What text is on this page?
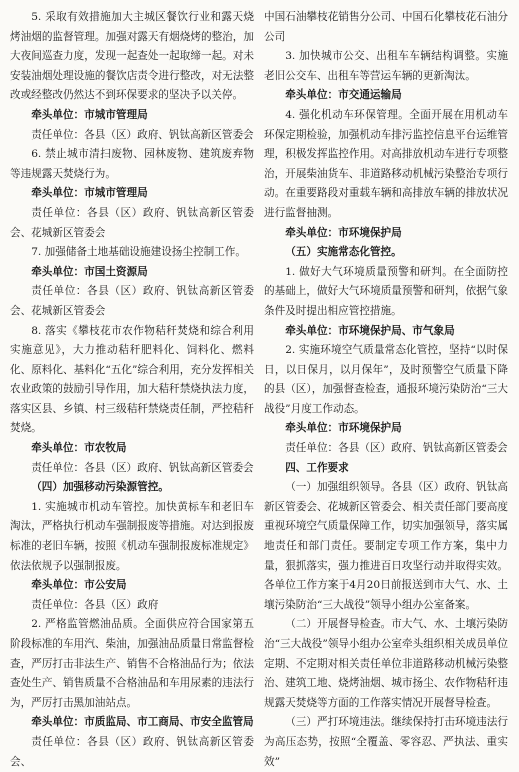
5. 采取有效措施加大主城区餐饮行业和露天烧烤油烟的监督管理。加强对露天有烟烧烤的整治，加大夜间巡查力度，发现一起查处一起取缔一起。对未安装油烟处理设施的餐饮店责令进行整改，对无法整改或经整改仍然达不到环保要求的坚决予以关停。

牵头单位：市城市管理局

责任单位：各县（区）政府、钒钛高新区管委会

6. 禁止城市清扫废物、园林废物、建筑废弃物等违规露天焚烧行为。

牵头单位：市城市管理局

责任单位：各县（区）政府、钒钛高新区管委会、花城新区管委会

7. 加强储备土地基础设施建设扬尘控制工作。

牵头单位：市国土资源局

责任单位：各县（区）政府、钒钛高新区管委会、花城新区管委会

8. 落实《攀枝花市农作物秸秆焚烧和综合利用实施意见》，大力推动秸秆肥料化、饲料化、燃料化、原料化、基料化“五化”综合利用，充分发挥相关农业政策的鼓励引导作用，加大秸秆禁烧执法力度，落实区县、乡镇、村三级秸秆禁烧责任制，严控秸秆焚烧。

牵头单位：市农牧局

责任单位：各县（区）政府、钒钛高新区管委会

（四）加强移动污染源管控。

1. 实施城市机动车管控。加快黄标车和老旧车淘汰，严格执行机动车强制报废等措施。对达到报废标准的老旧车辆，按照《机动车强制报废标准规定》依法依规予以强制报废。

牵头单位：市公安局

责任单位：各县（区）政府

2. 严格监管燃油品质。全面供应符合国家第五阶段标准的车用汽、柴油，加强油品质量日常监督检查，严厉打击非法生产、销售不合格油品行为；依法查处生产、销售质量不合格油品和车用尿素的违法行为，严厉打击黑加油站点。

牵头单位：市质监局、市工商局、市安全监管局

责任单位：各县（区）政府、钒钛高新区管委会、

中国石油攀枝花销售分公司、中国石化攀枝花石油分公司

3. 加快城市公交、出租车车辆结构调整。实施老旧公交车、出租车等营运车辆的更新淘汰。

牵头单位：市交通运输局

4. 强化机动车环保管理。全面开展在用机动车环保定期检验，加强机动车排污监控信息平台运维管理，积极发挥监控作用。对高排放机动车进行专项整治，开展柴油货车、非道路移动机械污染整治专项行动。在重要路段对重载车辆和高排放车辆的排放状况进行监督抽测。

牵头单位：市环境保护局

（五）实施常态化管控。

1. 做好大气环境质量预警和研判。在全面防控的基础上，做好大气环境质量预警和研判，依据气象条件及时提出相应管控措施。

牵头单位：市环境保护局、市气象局

2. 实施环境空气质量常态化管控，坚持“以时保日，以日保月，以月保年”，及时预警空气质量下降的县（区），加强督查检查，通报环境污染防治“三大战役”月度工作动态。

牵头单位：市环境保护局

责任单位：各县（区）政府、钒钛高新区管委会

四、工作要求

（一）加强组织领导。各县（区）政府、钒钛高新区管委会、花城新区管委会、相关责任部门要高度重视环境空气质量保障工作，切实加强领导，落实属地责任和部门责任。要制定专项工作方案，集中力量，狠抓落实，强力推进百日攻坚行动并取得实效。各单位工作方案于4月20日前报送到市大气、水、土壤污染防治“三大战役”领导小组办公室备案。

（二）开展督导检查。市大气、水、土壤污染防治“三大战役”领导小组办公室牵头组织相关成员单位定期、不定期对相关责任单位非道路移动机械污染整治、建筑工地、烧烤油烟、城市扬尘、农作物秸秆违规露天焚烧等方面的工作落实情况开展督导检查。

（三）严打环境违法。继续保持打击环境违法行为高压态势，按照“全覆盖、零容忍、严执法、重实效”
